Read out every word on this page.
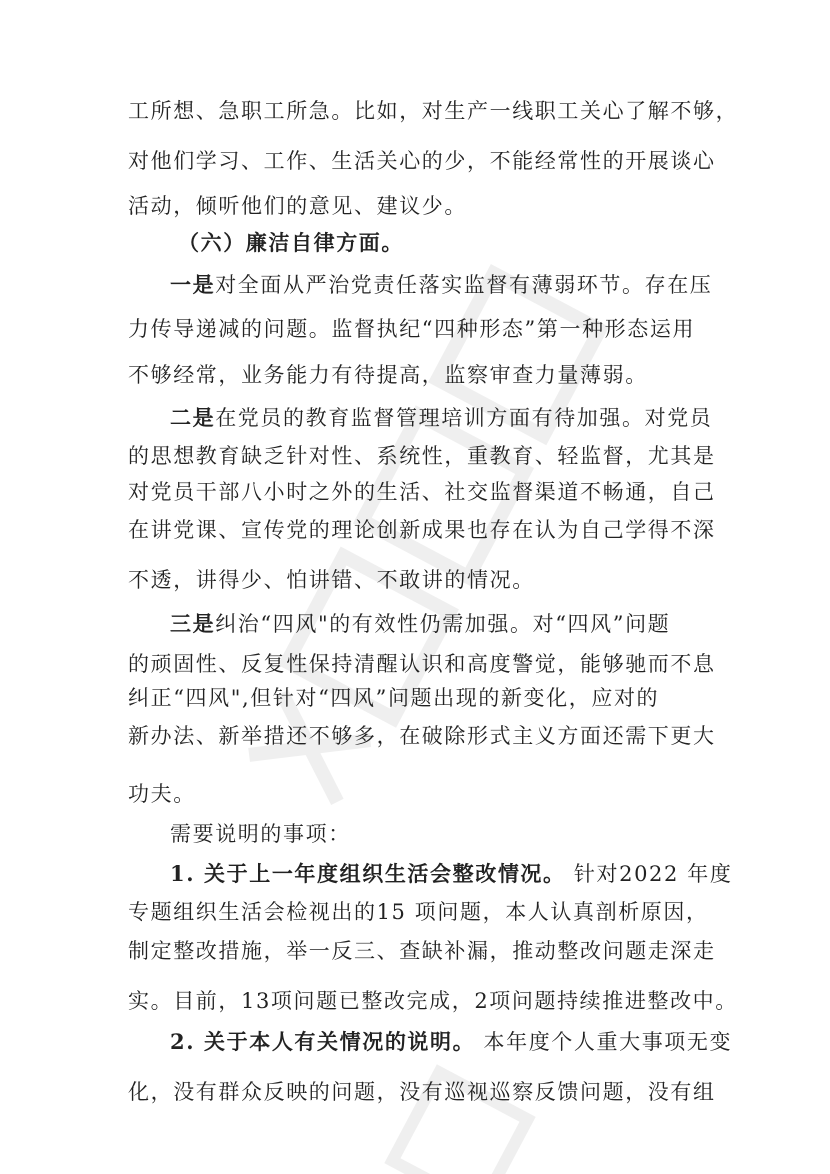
工所想、急职工所急。比如，对生产一线职工关心了解不够，
对他们学习、工作、生活关心的少，不能经常性的开展谈心
活动，倾听他们的意见、建议少。
（六）廉洁自律方面。
一是对全面从严治党责任落实监督有薄弱环节。存在压
力传导递减的问题。监督执纪“四种形态”第一种形态运用
不够经常，业务能力有待提高，监察审查力量薄弱。
二是在党员的教育监督管理培训方面有待加强。对党员
的思想教育缺乏针对性、系统性，重教育、轻监督，尤其是
对党员干部八小时之外的生活、社交监督渠道不畅通，自己
在讲党课、宣传党的理论创新成果也存在认为自己学得不深
不透，讲得少、怕讲错、不敢讲的情况。
三是纠治“四风"的有效性仍需加强。对“四风”问题
的顽固性、反复性保持清醒认识和高度警觉，能够驰而不息
纠正“四风",但针对“四风”问题出现的新变化，应对的
新办法、新举措还不够多，在破除形式主义方面还需下更大
功夫。
需要说明的事项：
1. 关于上一年度组织生活会整改情况。 针对2022 年度
专题组织生活会检视出的15 项问题，本人认真剖析原因，
制定整改措施，举一反三、查缺补漏，推动整改问题走深走
实。目前，13项问题已整改完成，2项问题持续推进整改中。
2. 关于本人有关情况的说明。 本年度个人重大事项无变
化，没有群众反映的问题，没有巡视巡察反馈问题，没有组
